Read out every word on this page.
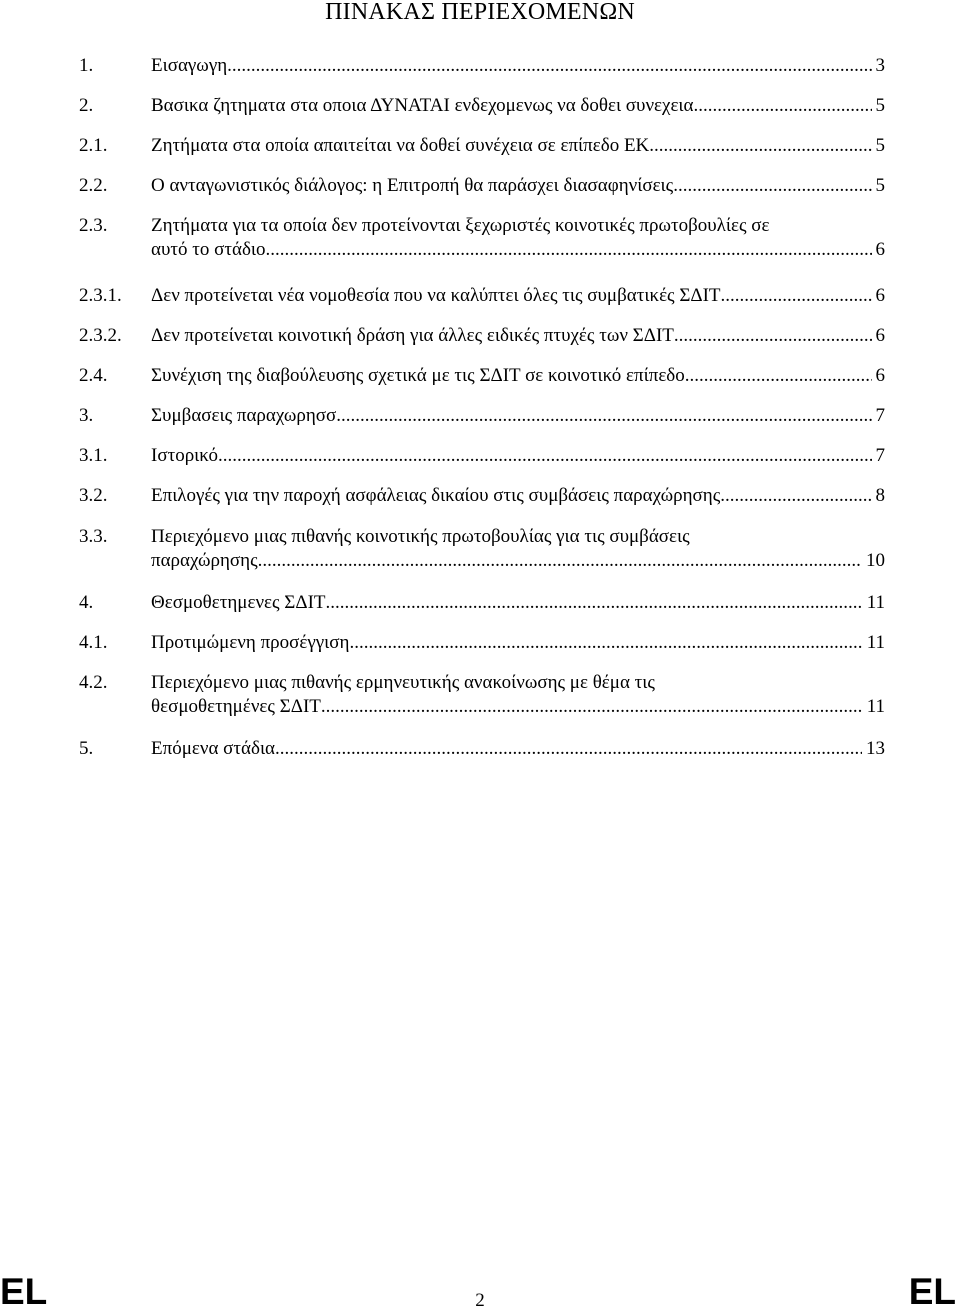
ΠΙΝΑΚΑΣ ΠΕΡΙΕΧΟΜΕΝΩΝ
1.	Εισαγωγη .....	3
2.	Βασικα ζητηματα στα οποια ΔΥΝΑΤΑΙ ενδεχομενως να δοθει συνεχεια .....	5
2.1. Ζητήματα στα οποία απαιτείται να δοθεί συνέχεια σε επίπεδο ΕΚ .....	5
2.2. Ο ανταγωνιστικός διάλογος: η Επιτροπή θα παράσχει διασαφηνίσεις .....	5
2.3. Ζητήματα για τα οποία δεν προτείνονται ξεχωριστές κοινοτικές πρωτοβουλίες σε
αυτό το στάδιο .....	6
2.3.1. Δεν προτείνεται νέα νομοθεσία που να καλύπτει όλες τις συμβατικές ΣΔΙΤ .....	6
2.3.2. Δεν προτείνεται κοινοτική δράση για άλλες ειδικές πτυχές των ΣΔΙΤ .....	6
2.4. Συνέχιση της διαβούλευσης σχετικά με τις ΣΔΙΤ σε κοινοτικό επίπεδο .....	6
3.	Συμβασεις παραχωρησσ .....	7
3.1. Ιστορικό .....	7
3.2. Επιλογές για την παροχή ασφάλειας δικαίου στις συμβάσεις παραχώρησης .....	8
3.3. Περιεχόμενο μιας πιθανής κοινοτικής πρωτοβουλίας για τις συμβάσεις
παραχώρησης .....	10
4.	Θεσμοθετημενες ΣΔΙΤ .....	11
4.1. Προτιμώμενη προσέγγιση .....	11
4.2. Περιεχόμενο μιας πιθανής ερμηνευτικής ανακοίνωσης με θέμα τις
θεσμοθετημένες ΣΔΙΤ .....	11
5.	Επόμενα στάδια .....	13
EL	2	EL
